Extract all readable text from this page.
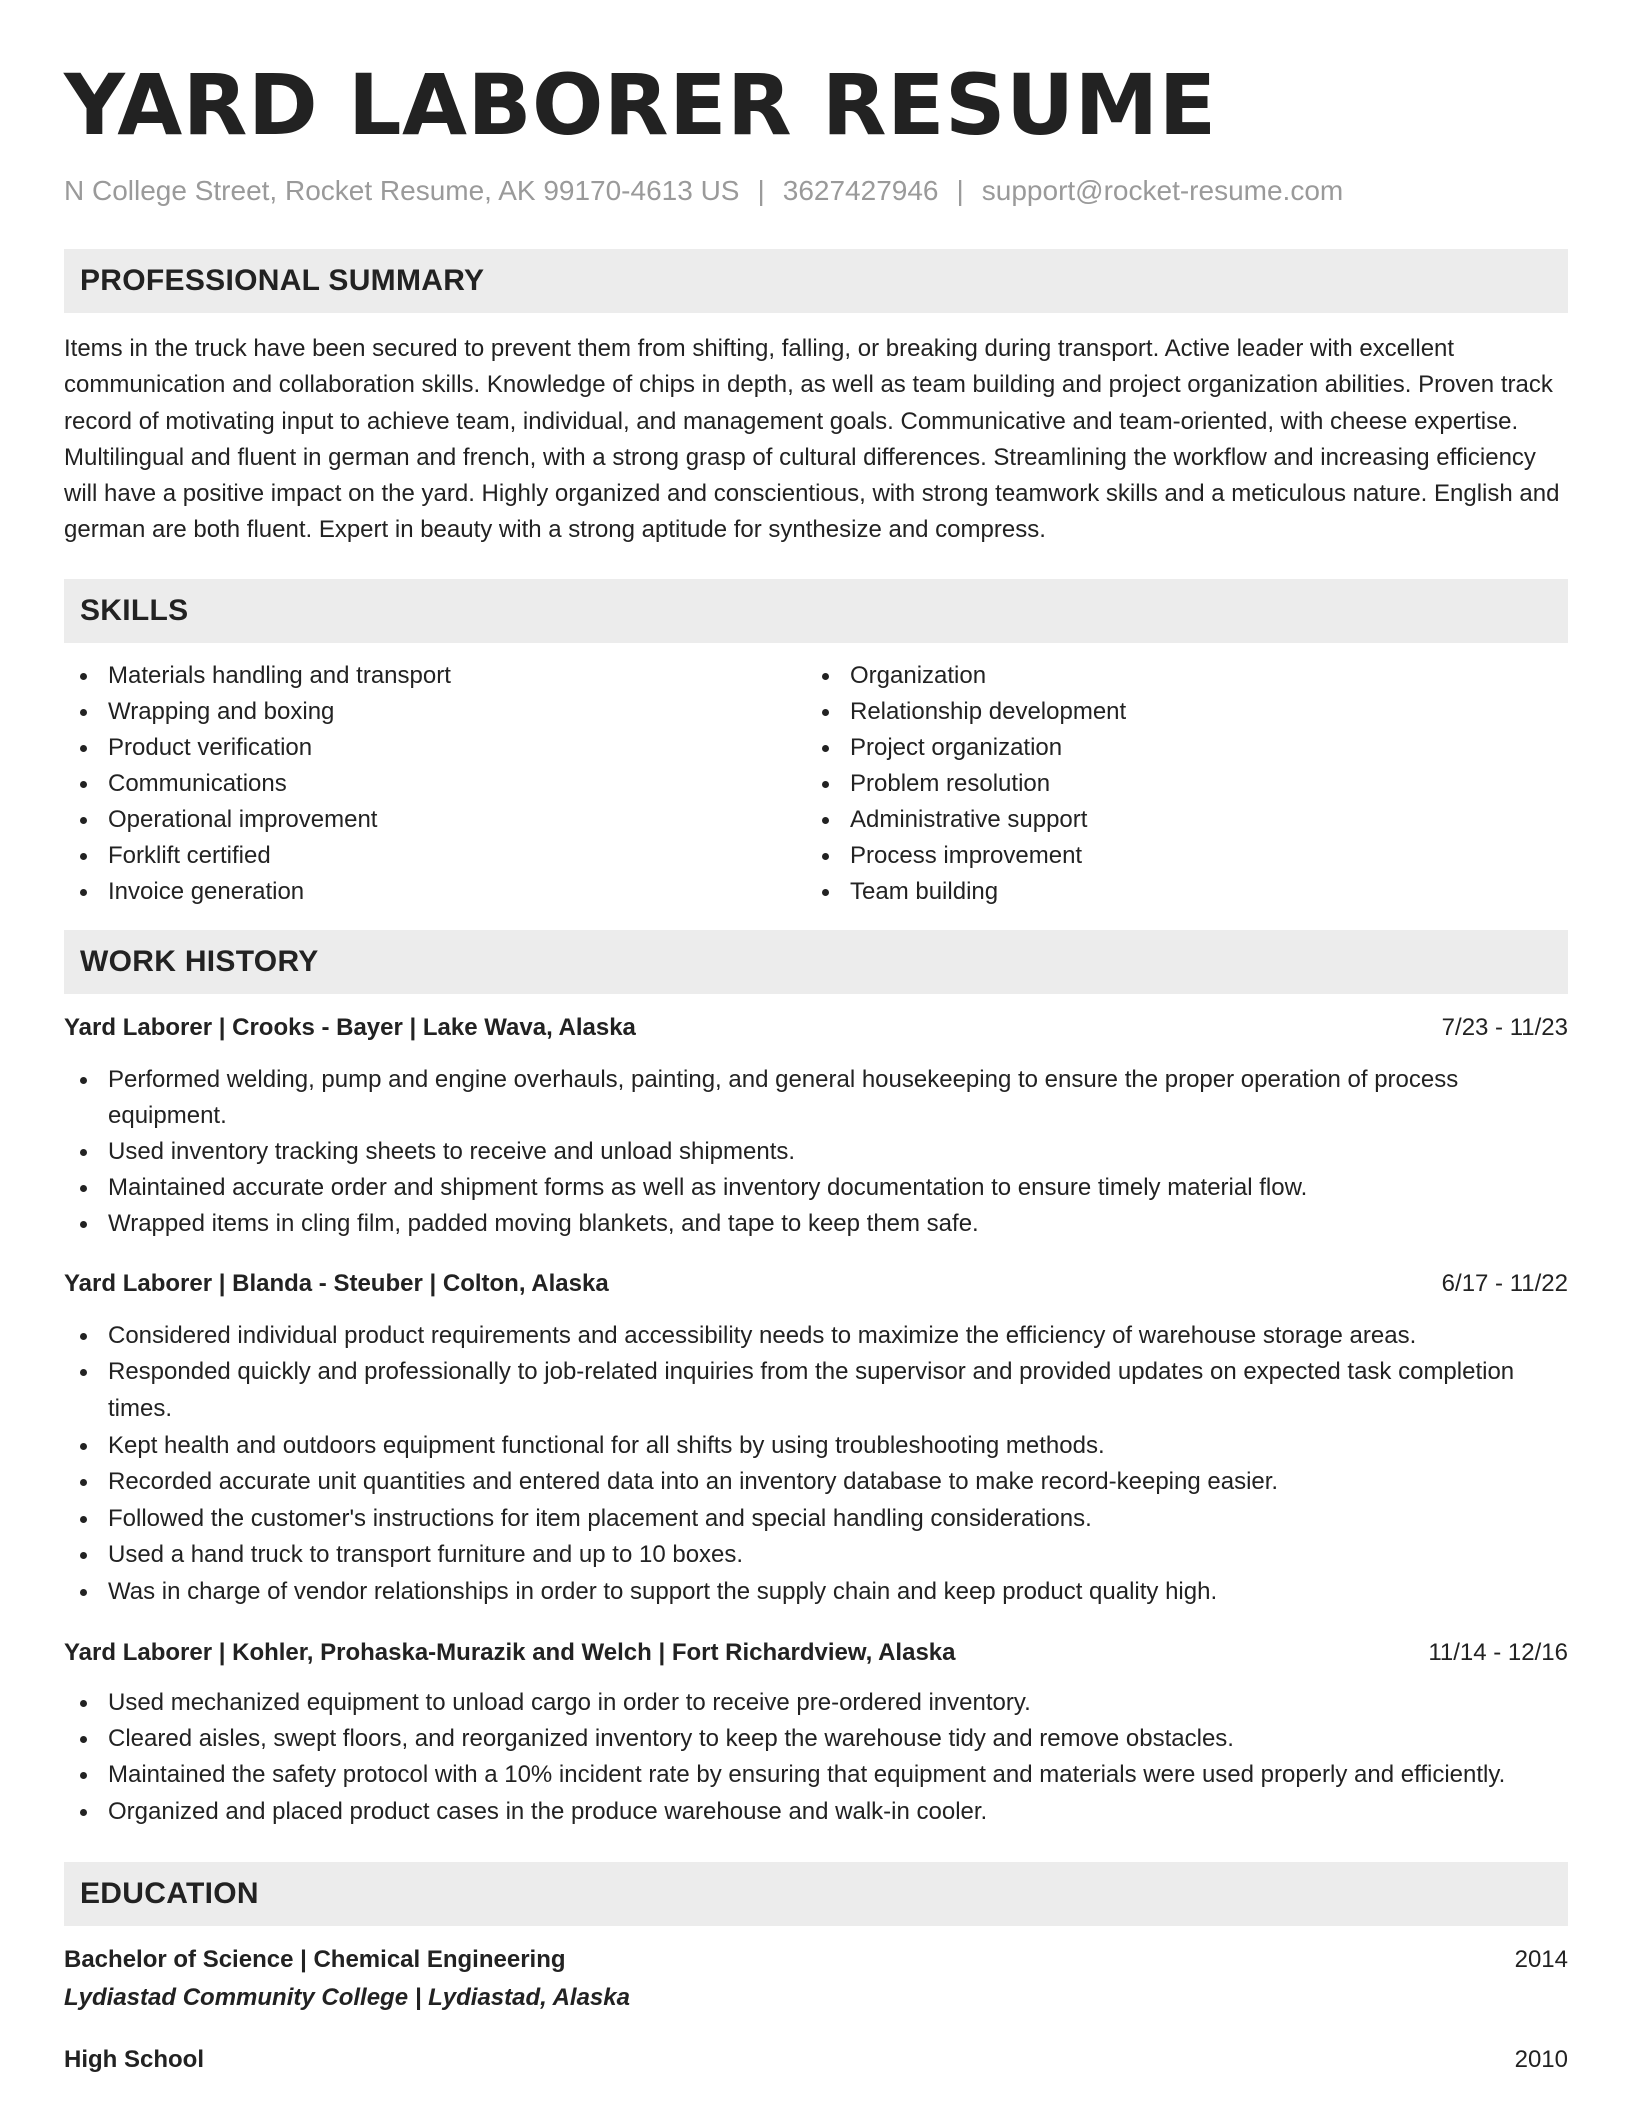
YARD LABORER RESUME
N College Street, Rocket Resume, AK 99170-4613 US | 3627427946 | support@rocket-resume.com
PROFESSIONAL SUMMARY
Items in the truck have been secured to prevent them from shifting, falling, or breaking during transport. Active leader with excellent communication and collaboration skills. Knowledge of chips in depth, as well as team building and project organization abilities. Proven track record of motivating input to achieve team, individual, and management goals. Communicative and team-oriented, with cheese expertise. Multilingual and fluent in german and french, with a strong grasp of cultural differences. Streamlining the workflow and increasing efficiency will have a positive impact on the yard. Highly organized and conscientious, with strong teamwork skills and a meticulous nature. English and german are both fluent. Expert in beauty with a strong aptitude for synthesize and compress.
SKILLS
Materials handling and transport
Wrapping and boxing
Product verification
Communications
Operational improvement
Forklift certified
Invoice generation
Organization
Relationship development
Project organization
Problem resolution
Administrative support
Process improvement
Team building
WORK HISTORY
Yard Laborer | Crooks - Bayer | Lake Wava, Alaska	7/23 - 11/23
Performed welding, pump and engine overhauls, painting, and general housekeeping to ensure the proper operation of process equipment.
Used inventory tracking sheets to receive and unload shipments.
Maintained accurate order and shipment forms as well as inventory documentation to ensure timely material flow.
Wrapped items in cling film, padded moving blankets, and tape to keep them safe.
Yard Laborer | Blanda - Steuber | Colton, Alaska	6/17 - 11/22
Considered individual product requirements and accessibility needs to maximize the efficiency of warehouse storage areas.
Responded quickly and professionally to job-related inquiries from the supervisor and provided updates on expected task completion times.
Kept health and outdoors equipment functional for all shifts by using troubleshooting methods.
Recorded accurate unit quantities and entered data into an inventory database to make record-keeping easier.
Followed the customer's instructions for item placement and special handling considerations.
Used a hand truck to transport furniture and up to 10 boxes.
Was in charge of vendor relationships in order to support the supply chain and keep product quality high.
Yard Laborer | Kohler, Prohaska-Murazik and Welch | Fort Richardview, Alaska	11/14 - 12/16
Used mechanized equipment to unload cargo in order to receive pre-ordered inventory.
Cleared aisles, swept floors, and reorganized inventory to keep the warehouse tidy and remove obstacles.
Maintained the safety protocol with a 10% incident rate by ensuring that equipment and materials were used properly and efficiently.
Organized and placed product cases in the produce warehouse and walk-in cooler.
EDUCATION
Bachelor of Science | Chemical Engineering	2014
Lydiastad Community College | Lydiastad, Alaska
High School	2010
